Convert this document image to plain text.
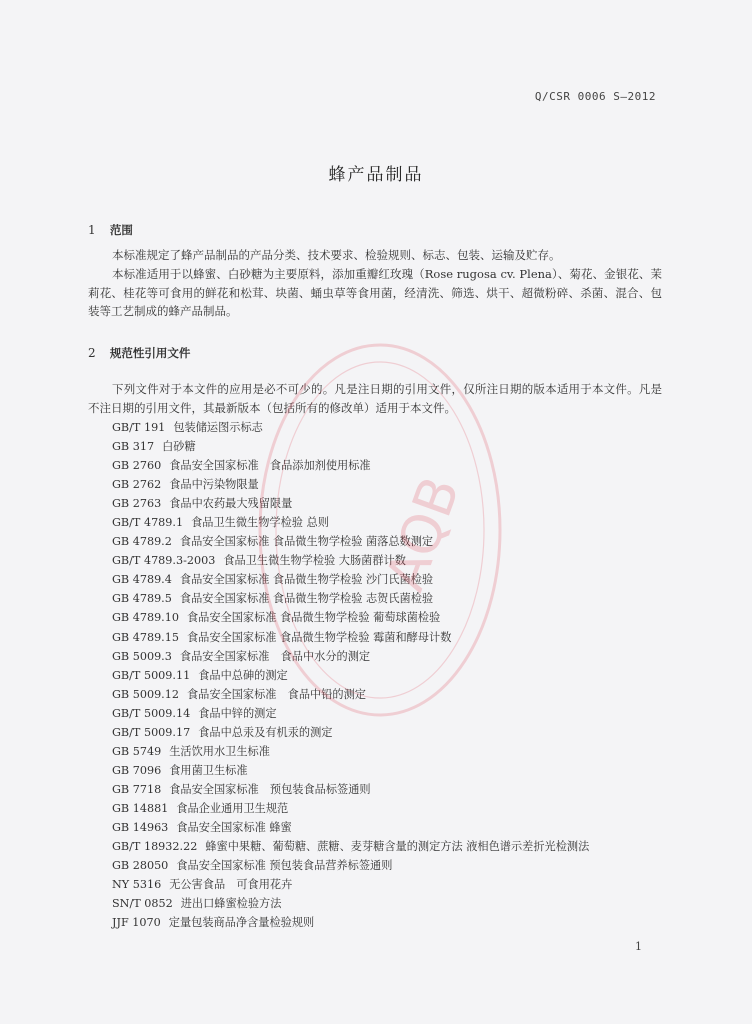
Q/CSR 0006 S—2012
蜂产品制品
1 范围
本标准规定了蜂产品制品的产品分类、技术要求、检验规则、标志、包装、运输及贮存。
本标准适用于以蜂蜜、白砂糖为主要原料，添加重瓣红玫瑰（Rose rugosa cv. Plena）、菊花、金银花、茉莉花、桂花等可食用的鲜花和松茸、块菌、蛹虫草等食用菌，经清洗、筛选、烘干、超微粉碎、杀菌、混合、包装等工艺制成的蜂产品制品。
2 规范性引用文件
下列文件对于本文件的应用是必不可少的。凡是注日期的引用文件，仅所注日期的版本适用于本文件。凡是不注日期的引用文件，其最新版本（包括所有的修改单）适用于本文件。
GB/T 191 包装储运图示标志
GB 317 白砂糖
GB 2760 食品安全国家标准　食品添加剂使用标准
GB 2762 食品中污染物限量
GB 2763 食品中农药最大残留限量
GB/T 4789.1 食品卫生微生物学检验 总则
GB 4789.2 食品安全国家标准 食品微生物学检验 菌落总数测定
GB/T 4789.3-2003 食品卫生微生物学检验 大肠菌群计数
GB 4789.4 食品安全国家标准 食品微生物学检验 沙门氏菌检验
GB 4789.5 食品安全国家标准 食品微生物学检验 志贺氏菌检验
GB 4789.10 食品安全国家标准 食品微生物学检验 葡萄球菌检验
GB 4789.15 食品安全国家标准 食品微生物学检验 霉菌和酵母计数
GB 5009.3 食品安全国家标准　食品中水分的测定
GB/T 5009.11 食品中总砷的测定
GB 5009.12 食品安全国家标准　食品中铅的测定
GB/T 5009.14 食品中锌的测定
GB/T 5009.17 食品中总汞及有机汞的测定
GB 5749 生活饮用水卫生标准
GB 7096 食用菌卫生标准
GB 7718 食品安全国家标准　预包装食品标签通则
GB 14881 食品企业通用卫生规范
GB 14963 食品安全国家标准 蜂蜜
GB/T 18932.22 蜂蜜中果糖、葡萄糖、蔗糖、麦芽糖含量的测定方法 液相色谱示差折光检测法
GB 28050 食品安全国家标准 预包装食品营养标签通则
NY 5316 无公害食品　可食用花卉
SN/T 0852 进出口蜂蜜检验方法
JJF 1070 定量包装商品净含量检验规则
AQB
1
